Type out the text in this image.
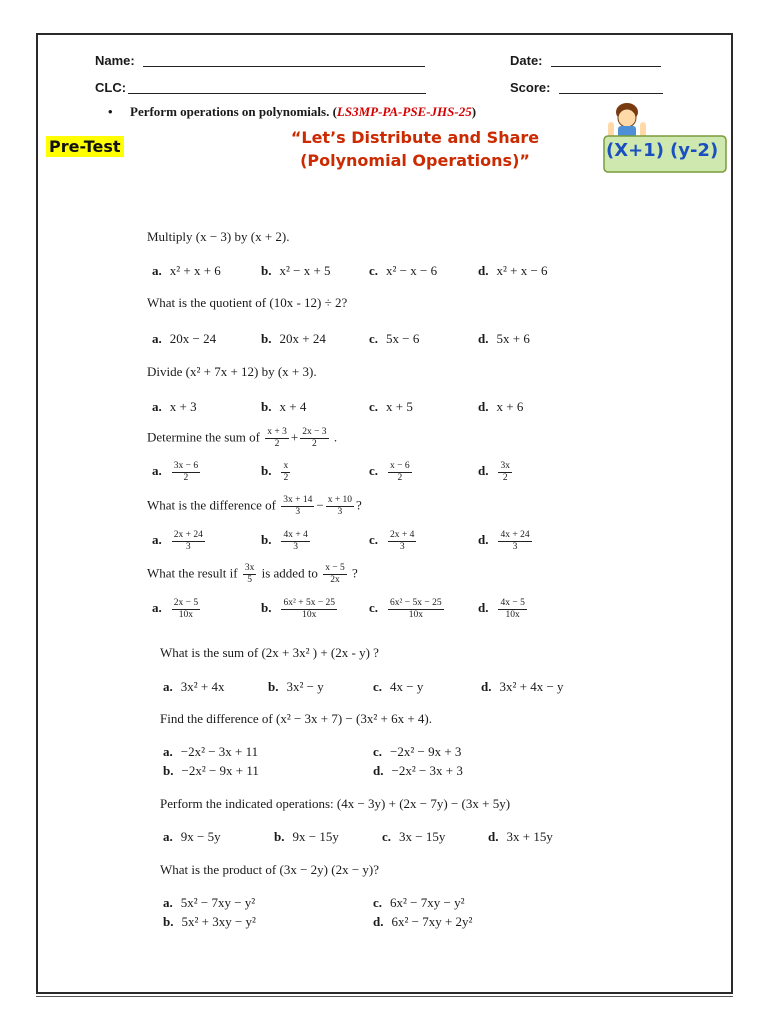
Name:	Date:
CLC:	Score:
• Perform operations on polynomials. (LS3MP-PA-PSE-JHS-25)
Pre-Test	“Let’s Distribute and Share
(Polynomial Operations)”	(X+1) (y-2)
Multiply (x − 3) by (x + 2).
a. x² + x + 6	b. x² − x + 5	c. x² − x − 6	d. x² + x − 6
What is the quotient of (10x - 12) ÷ 2?
a. 20x − 24	b. 20x + 24	c. 5x − 6	d. 5x + 6
Divide (x² + 7x + 12) by (x + 3).
a. x + 3	b. x + 4	c. x + 5	d. x + 6
Determine the sum of $\frac{x + 3}{2} + \frac{2x - 3}{2}$ .
a. $\frac{3x - 6}{2}$	b. $\frac{x}{2}$	c. $\frac{x - 6}{2}$	d. $\frac{3x}{2}$
What is the difference of $\frac{3x + 14}{3} - \frac{x + 10}{3}$ ?
a. $\frac{2x + 24}{3}$	b. $\frac{4x + 4}{3}$	c. $\frac{2x + 4}{3}$	d. $\frac{4x + 24}{3}$
What the result if $\frac{3x}{5}$ is added to $\frac{x - 5}{2x}$ ?
a. $\frac{2x - 5}{10x}$	b. $\frac{\text{6x² + 5x − 25}}{10x} c$. $\frac{\text{6x² − 5x − 25}}{10x}$	d. $\frac{4x - 5}{10x}$
What is the sum of (2x + 3x² ) + (2x - y) ?
a. 3x² + 4x	b. 3x² − y	c. 4x − y	d. 3x² + 4x − y
Find the difference of (x² − 3x + 7) − (3x² + 6x + 4).
a. −2x² − 3x + 11	c. −2x² − 9x + 3
b. −2x² − 9x + 11	d. −2x² − 3x + 3
Perform the indicated operations: (4x − 3y) + (2x − 7y) − (3x + 5y)
a. 9x − 5y	b. 9x − 15y	c. 3x − 15y	d. 3x + 15y
What is the product of (3x − 2y) (2x − y)?
a. 5x² − 7xy − y²	c. 6x² − 7xy − y²
b. 5x² + 3xy − y²	d. 6x² − 7xy + 2y²
